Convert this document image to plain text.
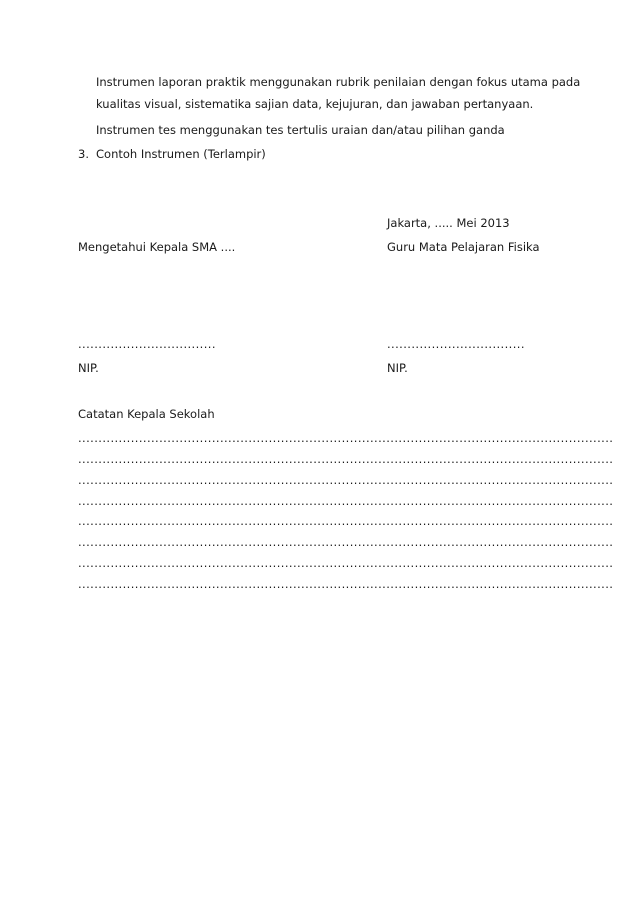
Instrumen laporan praktik menggunakan rubrik penilaian dengan fokus utama pada
kualitas visual, sistematika sajian data, kejujuran, dan jawaban pertanyaan.
Instrumen tes menggunakan tes tertulis uraian dan/atau pilihan ganda
3. Contoh Instrumen (Terlampir)
Jakarta, ..... Mei 2013
Mengetahui Kepala SMA ....	Guru Mata Pelajaran Fisika
..................................	..................................
NIP.	NIP.
Catatan Kepala Sekolah
....................................................................................................................................
....................................................................................................................................
....................................................................................................................................
....................................................................................................................................
....................................................................................................................................
....................................................................................................................................
....................................................................................................................................
....................................................................................................................................
